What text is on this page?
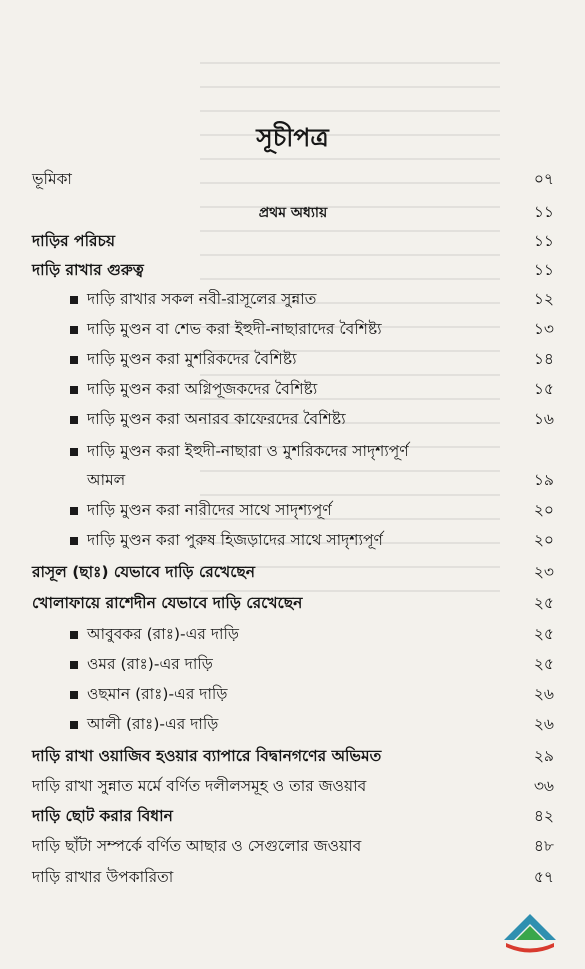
সূচীপত্র
ভূমিকা	০৭
প্রথম অধ্যায়	১১
দাড়ির পরিচয়	১১
দাড়ি রাখার গুরুত্ব	১১
দাড়ি রাখার সকল নবী-রাসূলের সুন্নাত	১২
দাড়ি মুণ্ডন বা শেভ করা ইহুদী-নাছারাদের বৈশিষ্ট্য	১৩
দাড়ি মুণ্ডন করা মুশরিকদের বৈশিষ্ট্য	১৪
দাড়ি মুণ্ডন করা অগ্নিপূজকদের বৈশিষ্ট্য	১৫
দাড়ি মুণ্ডন করা অনারব কাফেরদের বৈশিষ্ট্য	১৬
দাড়ি মুণ্ডন করা ইহুদী-নাছারা ও মুশরিকদের সাদৃশ্যপূর্ণ
আমল	১৯
দাড়ি মুণ্ডন করা নারীদের সাথে সাদৃশ্যপূর্ণ	২০
দাড়ি মুণ্ডন করা পুরুষ হিজড়াদের সাথে সাদৃশ্যপূর্ণ	২০
রাসূল (ছাঃ) যেভাবে দাড়ি রেখেছেন	২৩
খোলাফায়ে রাশেদীন যেভাবে দাড়ি রেখেছেন	২৫
আবুবকর (রাঃ)-এর দাড়ি	২৫
ওমর (রাঃ)-এর দাড়ি	২৫
ওছমান (রাঃ)-এর দাড়ি	২৬
আলী (রাঃ)-এর দাড়ি	২৬
দাড়ি রাখা ওয়াজিব হওয়ার ব্যাপারে বিদ্বানগণের অভিমত	২৯
দাড়ি রাখা সুন্নাত মর্মে বর্ণিত দলীলসমূহ ও তার জওয়াব	৩৬
দাড়ি ছোট করার বিধান	৪২
দাড়ি ছাঁটা সম্পর্কে বর্ণিত আছার ও সেগুলোর জওয়াব	৪৮
দাড়ি রাখার উপকারিতা	৫৭
